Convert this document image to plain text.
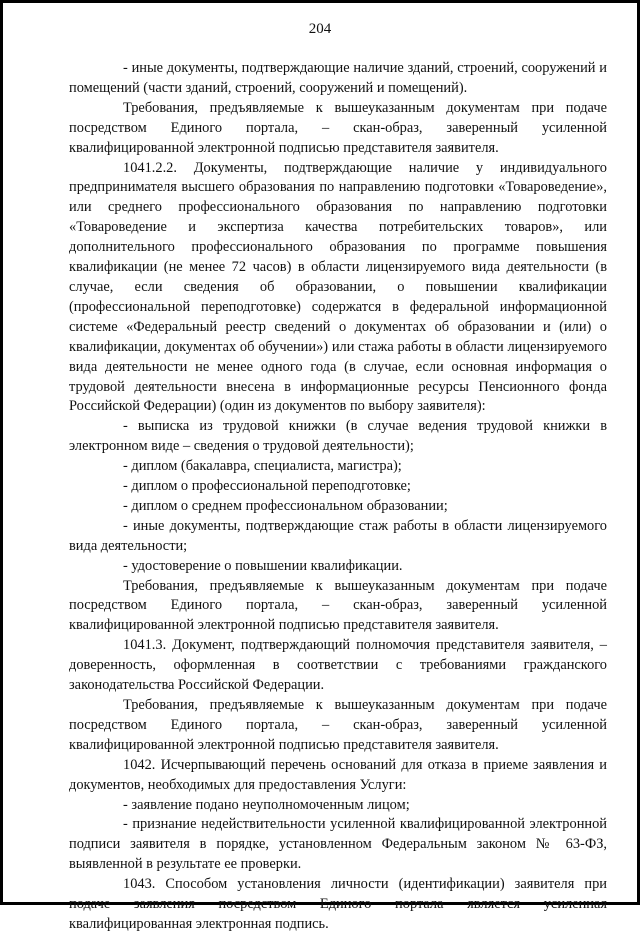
204

- иные документы, подтверждающие наличие зданий, строений, сооружений и помещений (части зданий, строений, сооружений и помещений).

Требования, предъявляемые к вышеуказанным документам при подаче посредством Единого портала, – скан-образ, заверенный усиленной квалифицированной электронной подписью представителя заявителя.

1041.2.2. Документы, подтверждающие наличие у индивидуального предпринимателя высшего образования по направлению подготовки «Товароведение», или среднего профессионального образования по направлению подготовки «Товароведение и экспертиза качества потребительских товаров», или дополнительного профессионального образования по программе повышения квалификации (не менее 72 часов) в области лицензируемого вида деятельности (в случае, если сведения об образовании, о повышении квалификации (профессиональной переподготовке) содержатся в федеральной информационной системе «Федеральный реестр сведений о документах об образовании и (или) о квалификации, документах об обучении») или стажа работы в области лицензируемого вида деятельности не менее одного года (в случае, если основная информация о трудовой деятельности внесена в информационные ресурсы Пенсионного фонда Российской Федерации) (один из документов по выбору заявителя):

- выписка из трудовой книжки (в случае ведения трудовой книжки в электронном виде – сведения о трудовой деятельности);

- диплом (бакалавра, специалиста, магистра);

- диплом о профессиональной переподготовке;

- диплом о среднем профессиональном образовании;

- иные документы, подтверждающие стаж работы в области лицензируемого вида деятельности;

- удостоверение о повышении квалификации.

Требования, предъявляемые к вышеуказанным документам при подаче посредством Единого портала, – скан-образ, заверенный усиленной квалифицированной электронной подписью представителя заявителя.

1041.3. Документ, подтверждающий полномочия представителя заявителя, – доверенность, оформленная в соответствии с требованиями гражданского законодательства Российской Федерации.

Требования, предъявляемые к вышеуказанным документам при подаче посредством Единого портала, – скан-образ, заверенный усиленной квалифицированной электронной подписью представителя заявителя.

1042. Исчерпывающий перечень оснований для отказа в приеме заявления и документов, необходимых для предоставления Услуги:

- заявление подано неуполномоченным лицом;

- признание недействительности усиленной квалифицированной электронной подписи заявителя в порядке, установленном Федеральным законом № 63-ФЗ, выявленной в результате ее проверки.

1043. Способом установления личности (идентификации) заявителя при подаче заявления посредством Единого портала является усиленная квалифицированная электронная подпись.
